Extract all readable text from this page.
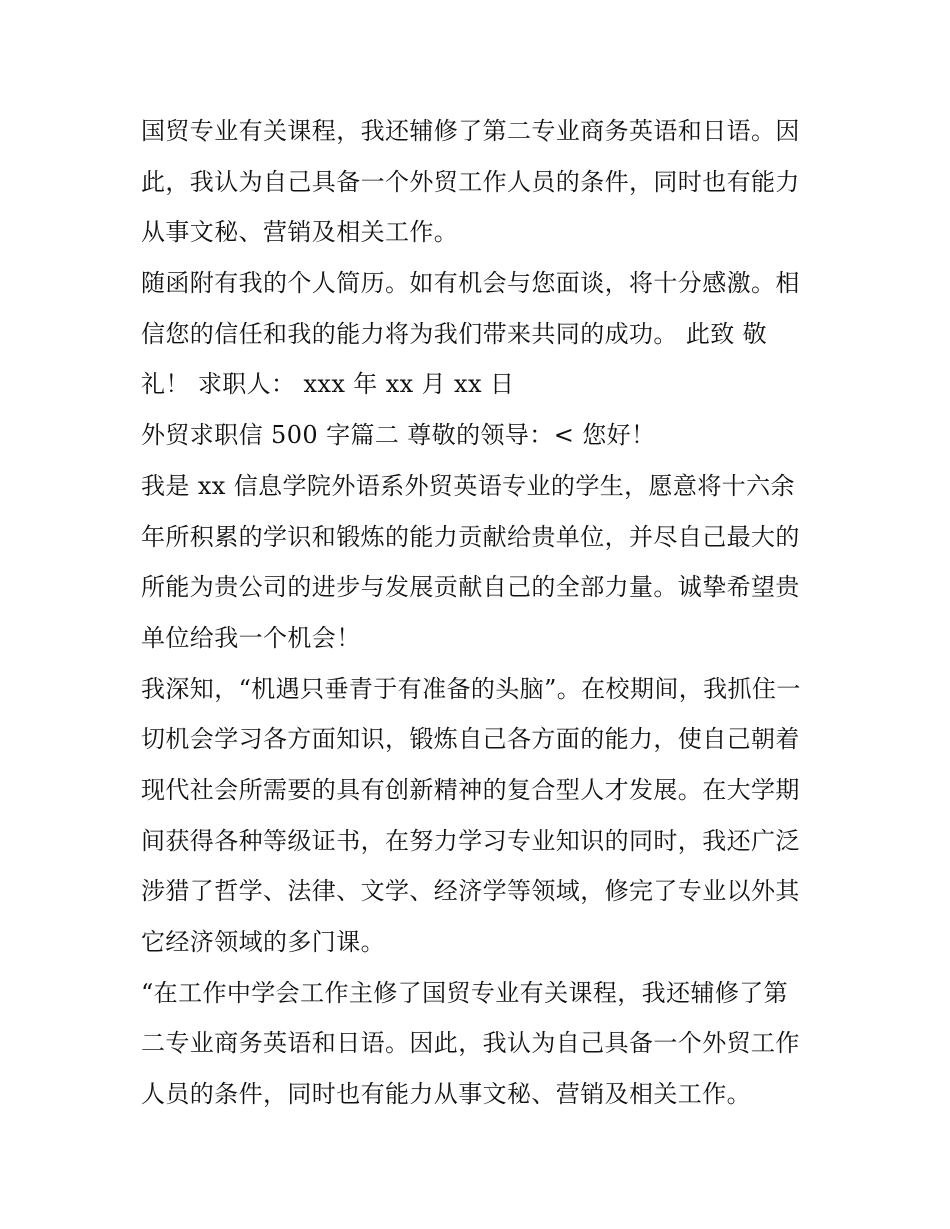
国贸专业有关课程，我还辅修了第二专业商务英语和日语。因
此，我认为自己具备一个外贸工作人员的条件，同时也有能力
从事文秘、营销及相关工作。
随函附有我的个人简历。如有机会与您面谈，将十分感激。相
信您的信任和我的能力将为我们带来共同的成功。 此致 敬
礼！ 求职人： xxx 年 xx 月 xx 日
外贸求职信 500 字篇二 尊敬的领导：< 您好！
我是 xx 信息学院外语系外贸英语专业的学生，愿意将十六余
年所积累的学识和锻炼的能力贡献给贵单位，并尽自己最大的
所能为贵公司的进步与发展贡献自己的全部力量。诚挚希望贵
单位给我一个机会！
我深知，“机遇只垂青于有准备的头脑”。在校期间，我抓住一
切机会学习各方面知识，锻炼自己各方面的能力，使自己朝着
现代社会所需要的具有创新精神的复合型人才发展。在大学期
间获得各种等级证书，在努力学习专业知识的同时，我还广泛
涉猎了哲学、法律、文学、经济学等领域，修完了专业以外其
它经济领域的多门课。
“在工作中学会工作主修了国贸专业有关课程，我还辅修了第
二专业商务英语和日语。因此，我认为自己具备一个外贸工作
人员的条件，同时也有能力从事文秘、营销及相关工作。
